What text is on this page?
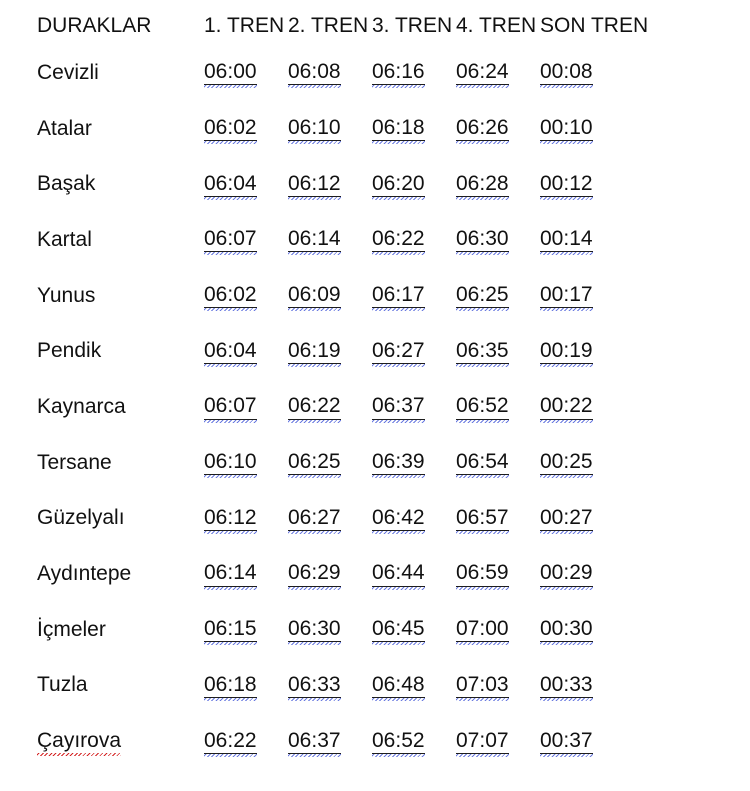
DURAKLAR	1. TREN	2. TREN	3. TREN	4. TREN	SON TREN
Cevizli	06:00	06:08	06:16	06:24	00:08
Atalar	06:02	06:10	06:18	06:26	00:10
Başak	06:04	06:12	06:20	06:28	00:12
Kartal	06:07	06:14	06:22	06:30	00:14
Yunus	06:02	06:09	06:17	06:25	00:17
Pendik	06:04	06:19	06:27	06:35	00:19
Kaynarca	06:07	06:22	06:37	06:52	00:22
Tersane	06:10	06:25	06:39	06:54	00:25
Güzelyalı	06:12	06:27	06:42	06:57	00:27
Aydıntepe	06:14	06:29	06:44	06:59	00:29
İçmeler	06:15	06:30	06:45	07:00	00:30
Tuzla	06:18	06:33	06:48	07:03	00:33
Çayırova	06:22	06:37	06:52	07:07	00:37
